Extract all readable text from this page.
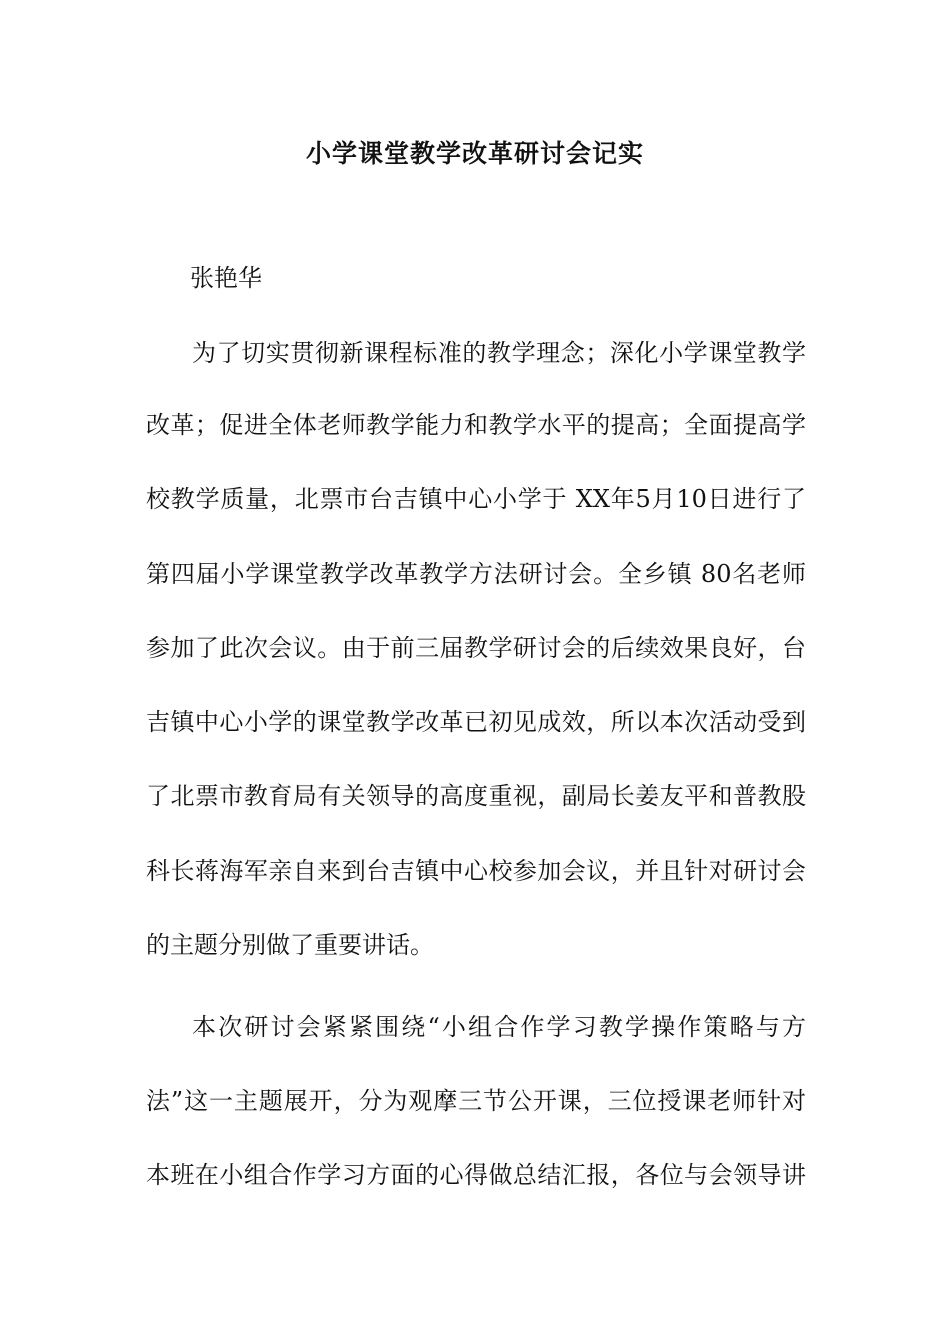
小学课堂教学改革研讨会记实
张艳华
为了切实贯彻新课程标准的教学理念；深化小学课堂教学
改革；促进全体老师教学能力和教学水平的提高；全面提高学
校教学质量，北票市台吉镇中心小学于 XX年5月10日进行了
第四届小学课堂教学改革教学方法研讨会。全乡镇 80名老师
参加了此次会议。由于前三届教学研讨会的后续效果良好，台
吉镇中心小学的课堂教学改革已初见成效，所以本次活动受到
了北票市教育局有关领导的高度重视，副局长姜友平和普教股
科长蒋海军亲自来到台吉镇中心校参加会议，并且针对研讨会
的主题分别做了重要讲话。
本次研讨会紧紧围绕“小组合作学习教学操作策略与方
法”这一主题展开，分为观摩三节公开课，三位授课老师针对
本班在小组合作学习方面的心得做总结汇报，各位与会领导讲
